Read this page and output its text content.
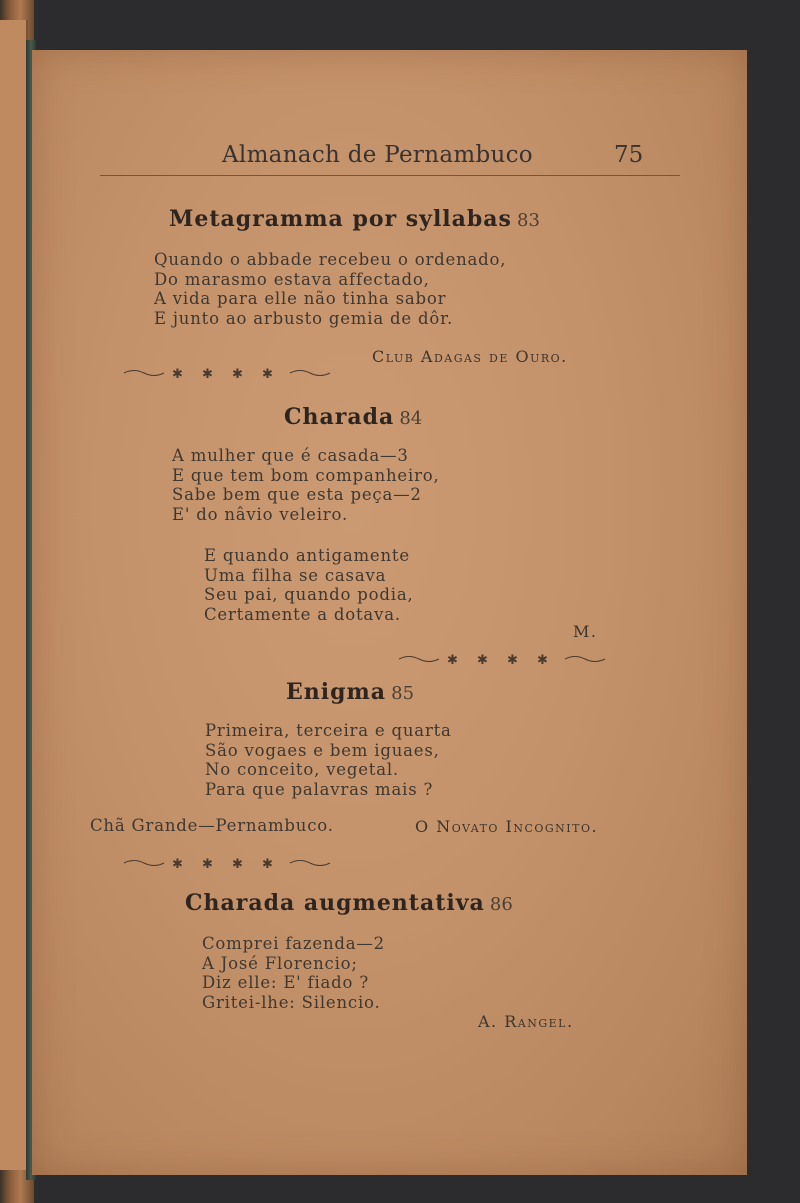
Almanach de Pernambuco	75
Metagramma por syllabas 83
Quando o abbade recebeu o ordenado,
Do marasmo estava affectado,
A vida para elle não tinha sabor
E junto ao arbusto gemia de dôr.
Club Adagas de Ouro.
✱ ✱ ✱ ✱
Charada 84
A mulher que é casada—3
E que tem bom companheiro,
Sabe bem que esta peça—2
E' do nâvio veleiro.
E quando antigamente
Uma filha se casava
Seu pai, quando podia,
Certamente a dotava.
M.
✱ ✱ ✱ ✱
Enigma 85
Primeira, terceira e quarta
São vogaes e bem iguaes,
No conceito, vegetal.
Para que palavras mais ?
Chã Grande—Pernambuco.	O Novato Incognito.
✱ ✱ ✱ ✱
Charada augmentativa 86
Comprei fazenda—2
A José Florencio;
Diz elle: E' fiado ?
Gritei-lhe: Silencio.
A. Rangel.
